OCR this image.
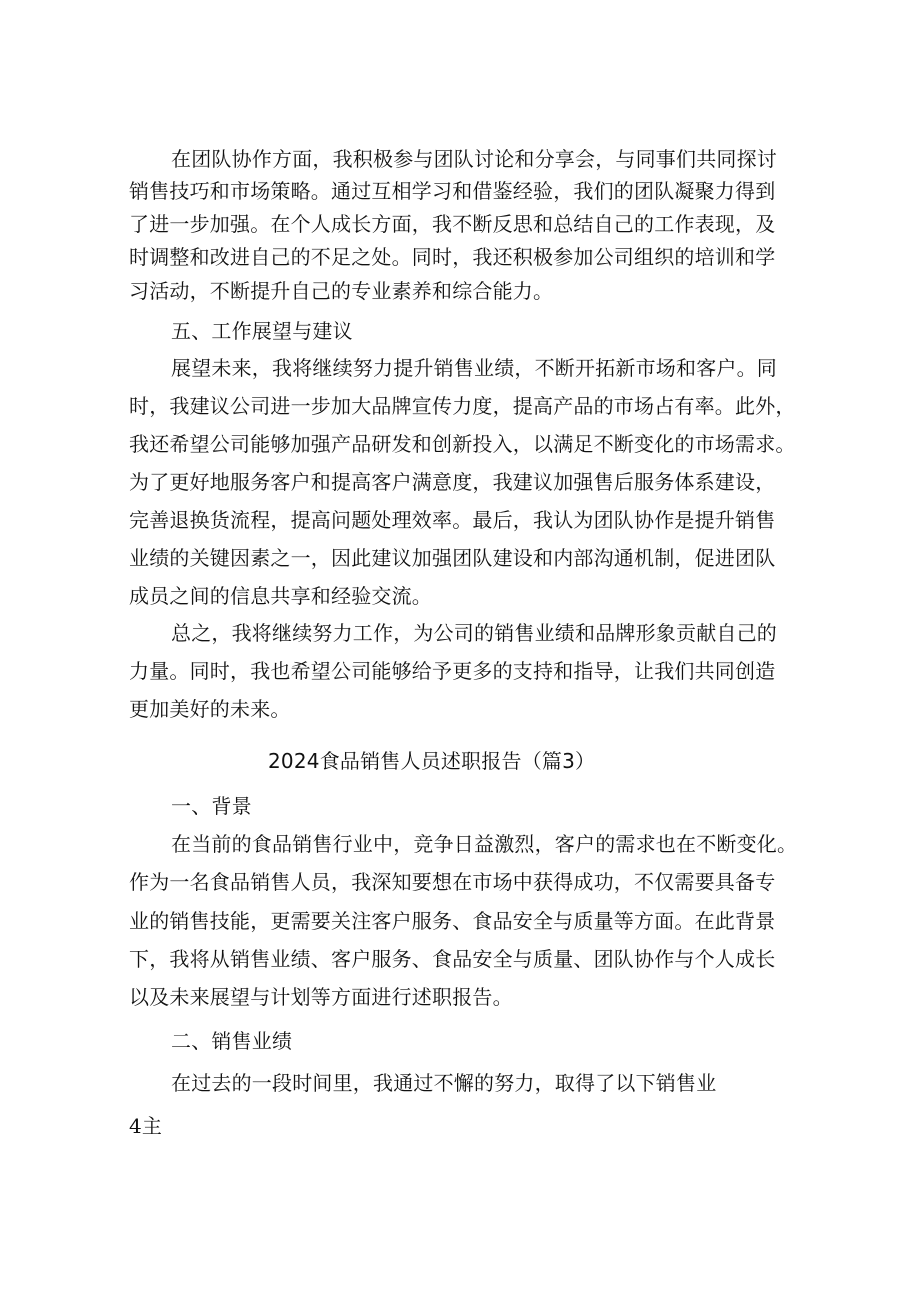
在团队协作方面，我积极参与团队讨论和分享会，与同事们共同探讨
销售技巧和市场策略。通过互相学习和借鉴经验，我们的团队凝聚力得到
了进一步加强。在个人成长方面，我不断反思和总结自己的工作表现，及
时调整和改进自己的不足之处。同时，我还积极参加公司组织的培训和学
习活动，不断提升自己的专业素养和综合能力。
五、工作展望与建议
展望未来，我将继续努力提升销售业绩，不断开拓新市场和客户。同
时，我建议公司进一步加大品牌宣传力度，提高产品的市场占有率。此外，
我还希望公司能够加强产品研发和创新投入，以满足不断变化的市场需求。
为了更好地服务客户和提高客户满意度，我建议加强售后服务体系建设，
完善退换货流程，提高问题处理效率。最后，我认为团队协作是提升销售
业绩的关键因素之一，因此建议加强团队建设和内部沟通机制，促进团队
成员之间的信息共享和经验交流。
总之，我将继续努力工作，为公司的销售业绩和品牌形象贡献自己的
力量。同时，我也希望公司能够给予更多的支持和指导，让我们共同创造
更加美好的未来。
2024食品销售人员述职报告（篇3）
一、背景
在当前的食品销售行业中，竞争日益激烈，客户的需求也在不断变化。
作为一名食品销售人员，我深知要想在市场中获得成功，不仅需要具备专
业的销售技能，更需要关注客户服务、食品安全与质量等方面。在此背景
下，我将从销售业绩、客户服务、食品安全与质量、团队协作与个人成长
以及未来展望与计划等方面进行述职报告。
二、销售业绩
在过去的一段时间里，我通过不懈的努力，取得了以下销售业
4主
